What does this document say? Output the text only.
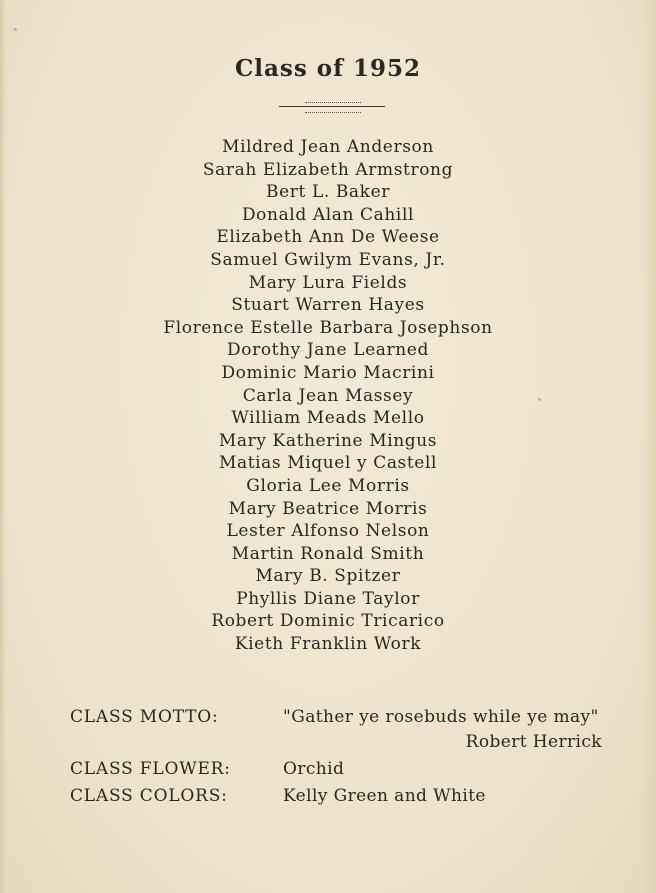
Class of 1952
Mildred Jean Anderson
Sarah Elizabeth Armstrong
Bert L. Baker
Donald Alan Cahill
Elizabeth Ann De Weese
Samuel Gwilym Evans, Jr.
Mary Lura Fields
Stuart Warren Hayes
Florence Estelle Barbara Josephson
Dorothy Jane Learned
Dominic Mario Macrini
Carla Jean Massey
William Meads Mello
Mary Katherine Mingus
Matias Miquel y Castell
Gloria Lee Morris
Mary Beatrice Morris
Lester Alfonso Nelson
Martin Ronald Smith
Mary B. Spitzer
Phyllis Diane Taylor
Robert Dominic Tricarico
Kieth Franklin Work
CLASS MOTTO:	"Gather ye rosebuds while ye may"
Robert Herrick
CLASS FLOWER:	Orchid
CLASS COLORS:	Kelly Green and White
